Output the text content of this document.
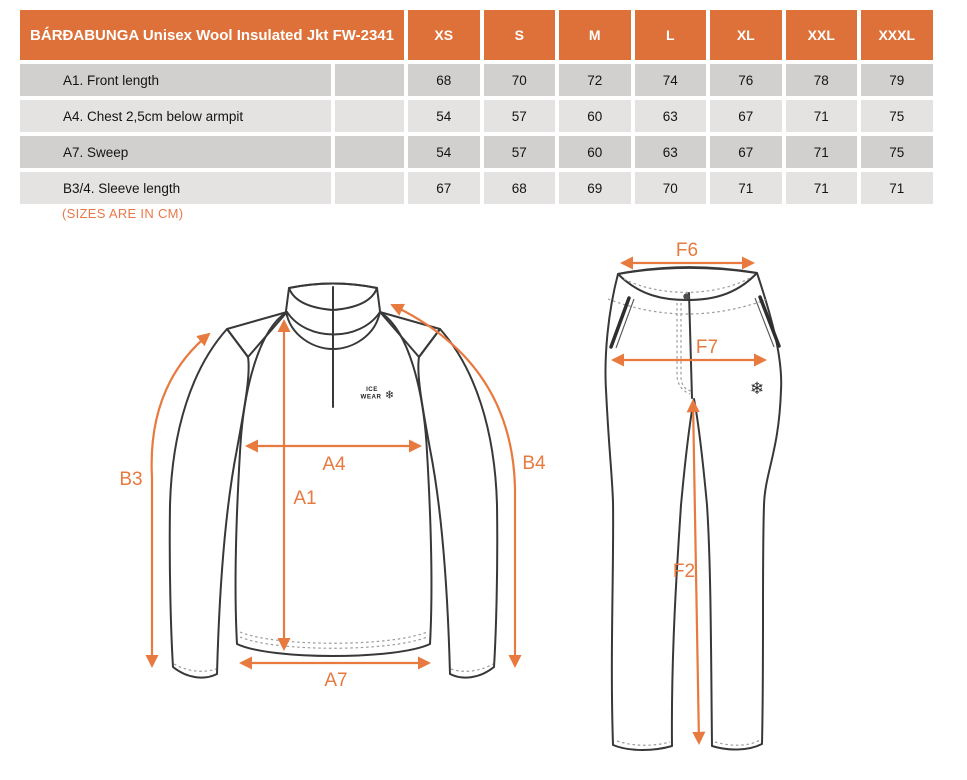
BÁRÐABUNGA Unisex Wool Insulated Jkt FW-2341		XS	S	M	L	XL	XXL	XXXL
A1. Front length		68	70	72	74	76	78	79
A4. Chest 2,5cm below armpit		54	57	60	63	67	71	75
A7. Sweep		54	57	60	63	67	71	75
B3/4. Sleeve length		67	68	69	70	71	71	71
(SIZES ARE IN CM)
ICE
WEAR ❄
A4
A1
A7
B3
B4
❄
F6
F7
F2
